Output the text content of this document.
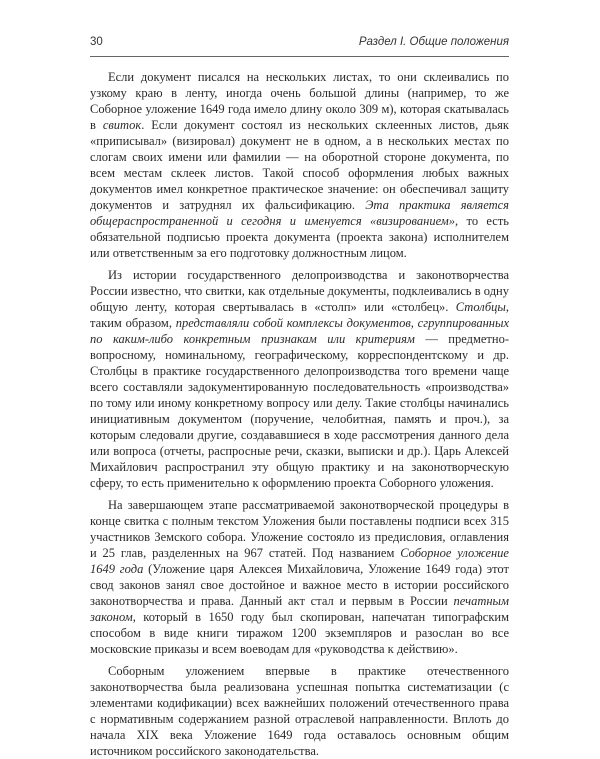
30	Раздел I. Общие положения

Если документ писался на нескольких листах, то они склеивались по узкому краю в ленту, иногда очень большой длины (например, то же Соборное уложение 1649 года имело длину около 309 м), которая скатывалась в свиток. Если документ состоял из нескольких склеенных листов, дьяк «приписывал» (визировал) документ не в одном, а в нескольких местах по слогам своих имени или фамилии — на оборотной стороне документа, по всем местам склеек листов. Такой способ оформления любых важных документов имел конкретное практическое значение: он обеспечивал защиту документов и затруднял их фальсификацию. Эта практика является общераспространенной и сегодня и именуется «визированием», то есть обязательной подписью проекта документа (проекта закона) исполнителем или ответственным за его подготовку должностным лицом.

Из истории государственного делопроизводства и законотворчества России известно, что свитки, как отдельные документы, подклеивались в одну общую ленту, которая свертывалась в «столп» или «столбец». Столбцы, таким образом, представляли собой комплексы документов, сгруппированных по каким-либо конкретным признакам или критериям — предметно-вопросному, номинальному, географическому, корреспондентскому и др. Столбцы в практике государственного делопроизводства того времени чаще всего составляли задокументированную последовательность «производства» по тому или иному конкретному вопросу или делу. Такие столбцы начинались инициативным документом (поручение, челобитная, память и проч.), за которым следовали другие, создававшиеся в ходе рассмотрения данного дела или вопроса (отчеты, распросные речи, сказки, выписки и др.). Царь Алексей Михайлович распространил эту общую практику и на законотворческую сферу, то есть применительно к оформлению проекта Соборного уложения.

На завершающем этапе рассматриваемой законотворческой процедуры в конце свитка с полным текстом Уложения были поставлены подписи всех 315 участников Земского собора. Уложение состояло из предисловия, оглавления и 25 глав, разделенных на 967 статей. Под названием Соборное уложение 1649 года (Уложение царя Алексея Михайловича, Уложение 1649 года) этот свод законов занял свое достойное и важное место в истории российского законотворчества и права. Данный акт стал и первым в России печатным законом, который в 1650 году был скопирован, напечатан типографским способом в виде книги тиражом 1200 экземпляров и разослан во все московские приказы и всем воеводам для «руководства к действию».

Соборным уложением впервые в практике отечественного законотворчества была реализована успешная попытка систематизации (с элементами кодификации) всех важнейших положений отечественного права с нормативным содержанием разной отраслевой направленности. Вплоть до начала XIX века Уложение 1649 года оставалось основным общим источником российского законодательства.
